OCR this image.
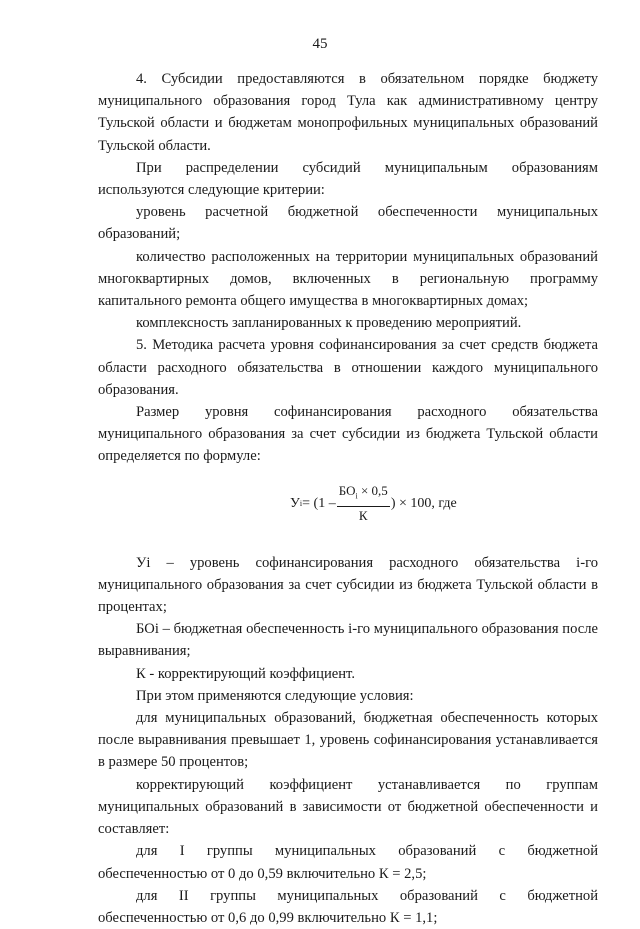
45

4. Субсидии предоставляются в обязательном порядке бюджету муниципального образования город Тула как административному центру Тульской области и бюджетам монопрофильных муниципальных образований Тульской области.

При распределении субсидий муниципальным образованиям используются следующие критерии:

уровень расчетной бюджетной обеспеченности муниципальных образований;

количество расположенных на территории муниципальных образований многоквартирных домов, включенных в региональную программу капитального ремонта общего имущества в многоквартирных домах;

комплексность запланированных к проведению мероприятий.

5. Методика расчета уровня софинансирования за счет средств бюджета области расходного обязательства в отношении каждого муниципального образования.

Размер уровня софинансирования расходного обязательства муниципального образования за счет субсидии из бюджета Тульской области определяется по формуле:

У $i = (1 - \frac{БО_i \times 0,5}{К}$ ) × 100, где

Уi – уровень софинансирования расходного обязательства i-го муниципального образования за счет субсидии из бюджета Тульской области в процентах;

БОi – бюджетная обеспеченность i-го муниципального образования после выравнивания;

К - корректирующий коэффициент.

При этом применяются следующие условия:

для муниципальных образований, бюджетная обеспеченность которых после выравнивания превышает 1, уровень софинансирования устанавливается в размере 50 процентов;

корректирующий коэффициент устанавливается по группам муниципальных образований в зависимости от бюджетной обеспеченности и составляет:

для I группы муниципальных образований с бюджетной обеспеченностью от 0 до 0,59 включительно К = 2,5;

для II группы муниципальных образований с бюджетной обеспеченностью от 0,6 до 0,99 включительно К = 1,1;
